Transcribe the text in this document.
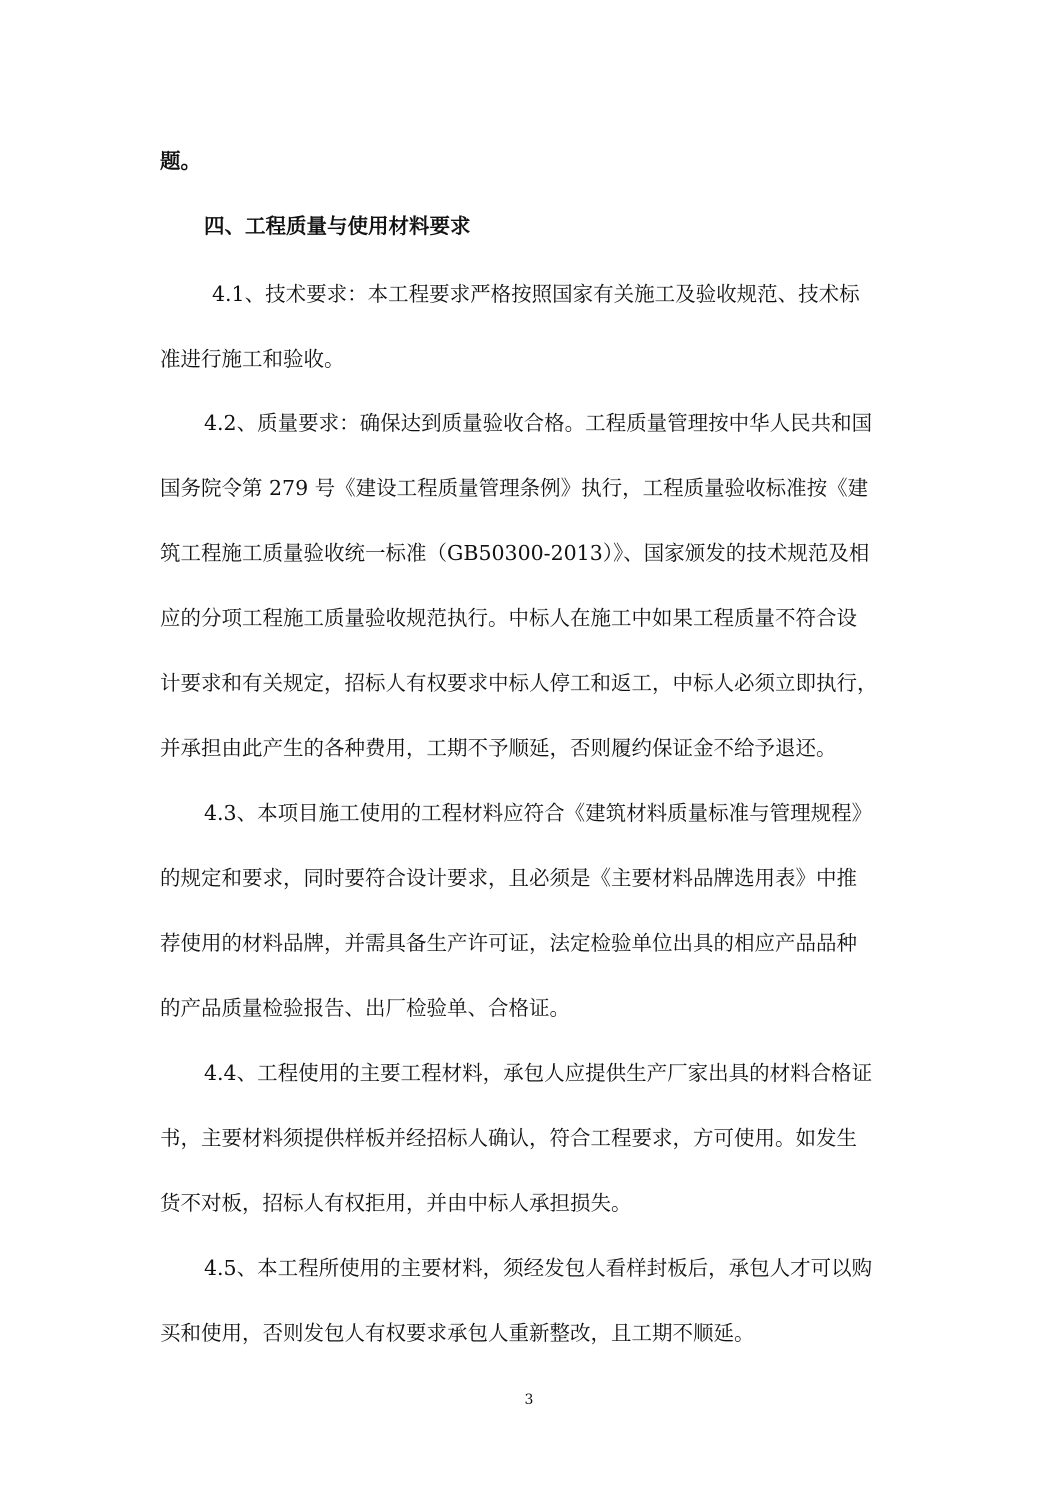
题。
四、工程质量与使用材料要求
4.1、技术要求：本工程要求严格按照国家有关施工及验收规范、技术标
准进行施工和验收。
4.2、质量要求：确保达到质量验收合格。工程质量管理按中华人民共和国
国务院令第 279 号《建设工程质量管理条例》执行，工程质量验收标准按《建
筑工程施工质量验收统一标准（GB50300-2013）》、国家颁发的技术规范及相
应的分项工程施工质量验收规范执行。中标人在施工中如果工程质量不符合设
计要求和有关规定，招标人有权要求中标人停工和返工，中标人必须立即执行，
并承担由此产生的各种费用，工期不予顺延，否则履约保证金不给予退还。
4.3、本项目施工使用的工程材料应符合《建筑材料质量标准与管理规程》
的规定和要求，同时要符合设计要求，且必须是《主要材料品牌选用表》中推
荐使用的材料品牌，并需具备生产许可证，法定检验单位出具的相应产品品种
的产品质量检验报告、出厂检验单、合格证。
4.4、工程使用的主要工程材料，承包人应提供生产厂家出具的材料合格证
书，主要材料须提供样板并经招标人确认，符合工程要求，方可使用。如发生
货不对板，招标人有权拒用，并由中标人承担损失。
4.5、本工程所使用的主要材料，须经发包人看样封板后，承包人才可以购
买和使用，否则发包人有权要求承包人重新整改，且工期不顺延。
3
